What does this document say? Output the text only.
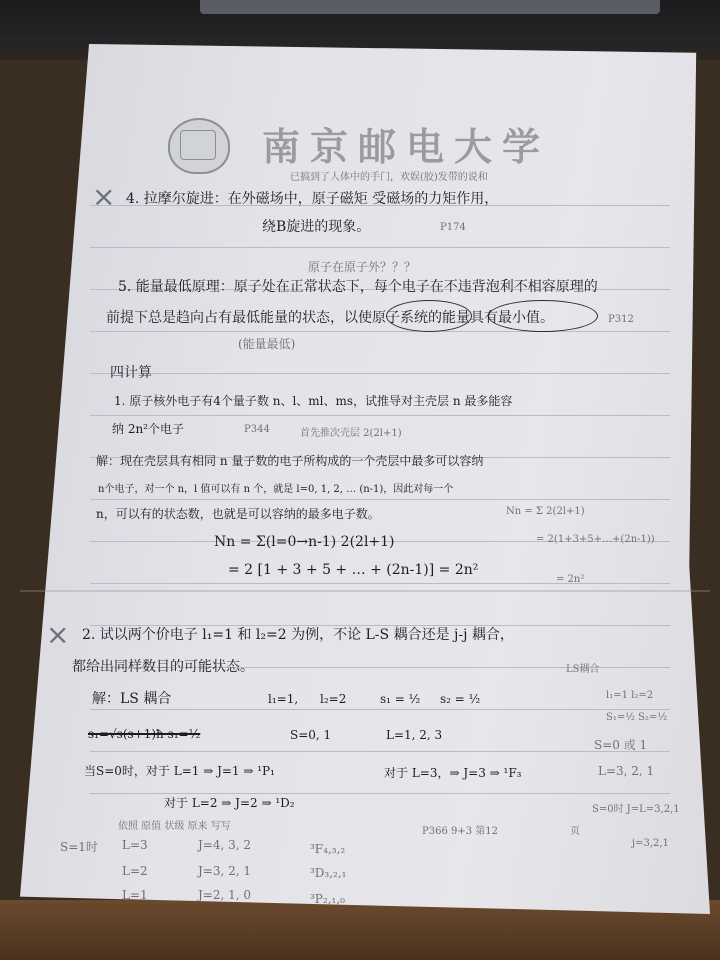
南京邮电大学
已搞到了人体中的手门，欢娱(胶)发带的说和
× 4. 拉摩尔旋进：在外磁场中，原子磁矩 受磁场的力矩作用，
绕B旋进的现象。	P174
原子在原子外？？？
5. 能量最低原理：原子处在正常状态下，每个电子在不违背泡利不相容原理的
前提下总是趋向占有最低能量的状态，以使原子系统的能量具有最小值。	P312
(能量最低)
四计算
1. 原子核外电子有4个量子数 n、l、ml、ms，试推导对主壳层 n 最多能容
纳 2n²个电子	P344	首先推次壳层 2(2l+1)
解：现在壳层具有相同 n 量子数的电子所构成的一个壳层中最多可以容纳
n个电子，对一个 n，l 值可以有 n 个，就是 l=0, 1, 2, … (n-1)，因此对每一个
n，可以有的状态数，也就是可以容纳的最多电子数。
Nn = Σ(l=0→n-1) 2(2l+1)
= 2 [1 + 3 + 5 + … + (2n-1)] = 2n²
Nn = Σ 2(2l+1)
= 2(1+3+5+…+(2n-1))
= 2n²
× 2. 试以两个价电子 l₁=1 和 l₂=2 为例，不论 L-S 耦合还是 j-j 耦合，
都给出同样数目的可能状态。	LS耦合
解：LS 耦合	l₁=1, l₂=2	s₁ = ½ s₂ = ½
s₁=√s(s+1)ħ s₁=½	S=0, 1	L=1, 2, 3
当S=0时，对于 L=1 ⇒ J=1 ⇒ ¹P₁	对于 L=3，⇒ J=3 ⇒ ¹F₃
对于 L=2 ⇒ J=2 ⇒ ¹D₂
依照 原值 状级 原来 写写	P366 9+3 第12	页
S=1时 L=3	J=4, 3, 2	³F₄,₃,₂
L=2	J=3, 2, 1	³D₃,₂,₁
L=1	J=2, 1, 0	³P₂,₁,₀
l₁=1 l₂=2
S₁=½ S₂=½
S=0 或 1
L=3, 2, 1
S=0时 J=L=3,2,1
j=3,2,1
